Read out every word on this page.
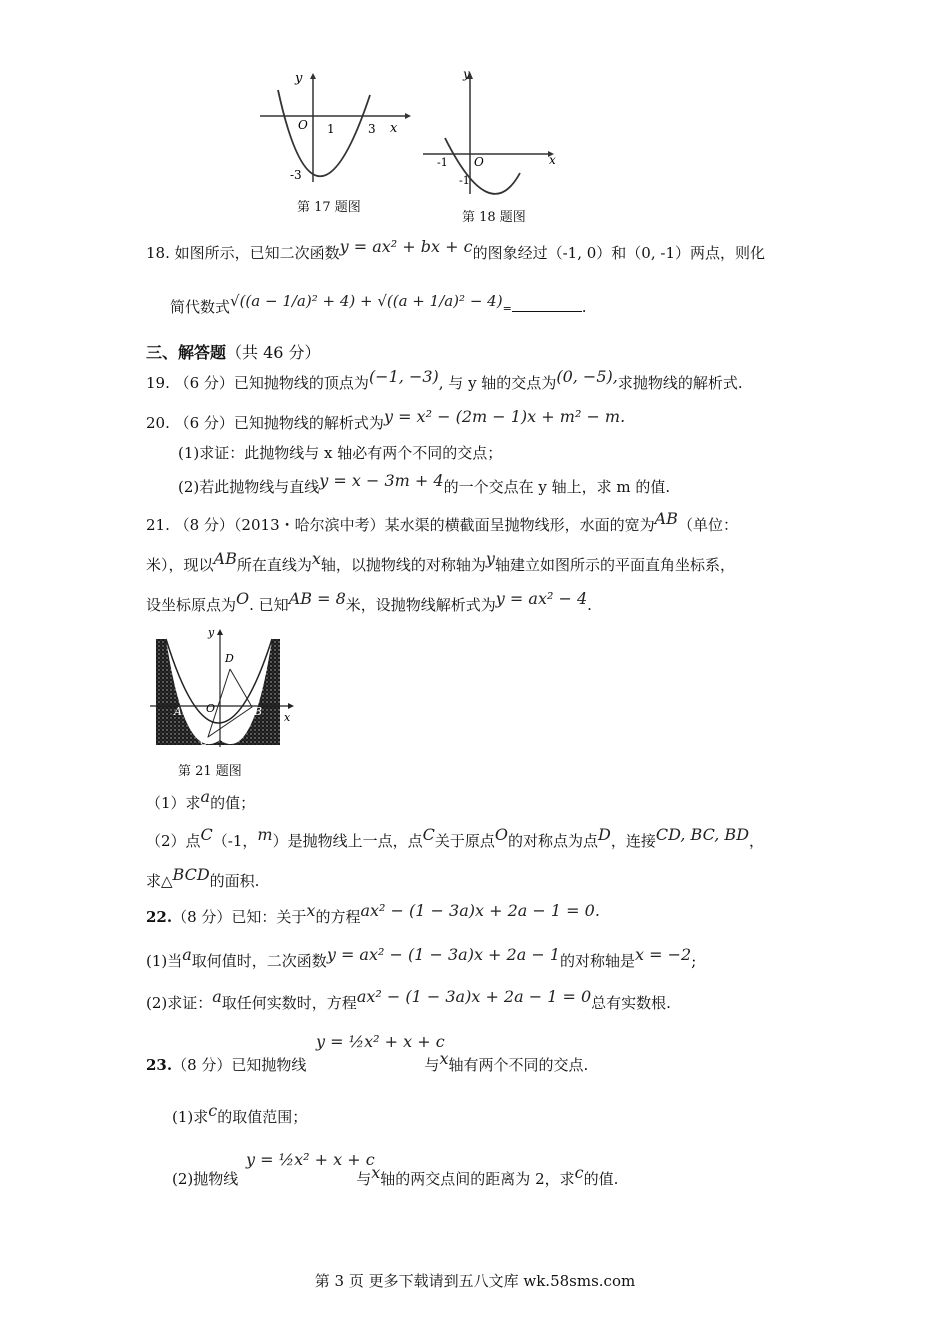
y
x
O 1	3
-3
第 17 题图
y
x
O
-1
-1
第 18 题图
18. 如图所示，已知二次函数y = ax² + bx + c的图象经过（-1, 0）和（0, -1）两点，则化
简代数式√((a − 1/a)² + 4) + √((a + 1/a)² − 4)=	.
三、解答题（共 46 分）
19. （6 分）已知抛物线的顶点为(−1, −3), 与 y 轴的交点为(0, −5),求抛物线的解析式.
20. （6 分）已知抛物线的解析式为y = x² − (2m − 1)x + m² − m.
(1)求证：此抛物线与 x 轴必有两个不同的交点；
(2)若此抛物线与直线y = x − 3m + 4的一个交点在 y 轴上，求 m 的值.
21. （8 分）（2013・哈尔滨中考）某水渠的横截面呈抛物线形，水面的宽为AB（单位：
米），现以AB所在直线为x轴，以抛物线的对称轴为y轴建立如图所示的平面直角坐标系，
设坐标原点为O. 已知AB = 8米，设抛物线解析式为y = ax² − 4.
y
x
D
A O	B
C
第 21 题图
（1）求a的值；
（2）点C（-1，m）是抛物线上一点，点C关于原点O的对称点为点D，连接CD, BC, BD，
求△BCD的面积.
22.（8 分）已知：关于x的方程ax² − (1 − 3a)x + 2a − 1 = 0.
(1)当a取何值时，二次函数y = ax² − (1 − 3a)x + 2a − 1的对称轴是x = −2;
(2)求证：a取任何实数时，方程ax² − (1 − 3a)x + 2a − 1 = 0总有实数根.
y = ½x² + x + c
23.（8 分）已知抛物线	与x轴有两个不同的交点.
(1)求c的取值范围；
y = ½x² + x + c
(2)抛物线	与x轴的两交点间的距离为 2，求c的值.
第 3 页 更多下载请到五八文库 wk.58sms.com
